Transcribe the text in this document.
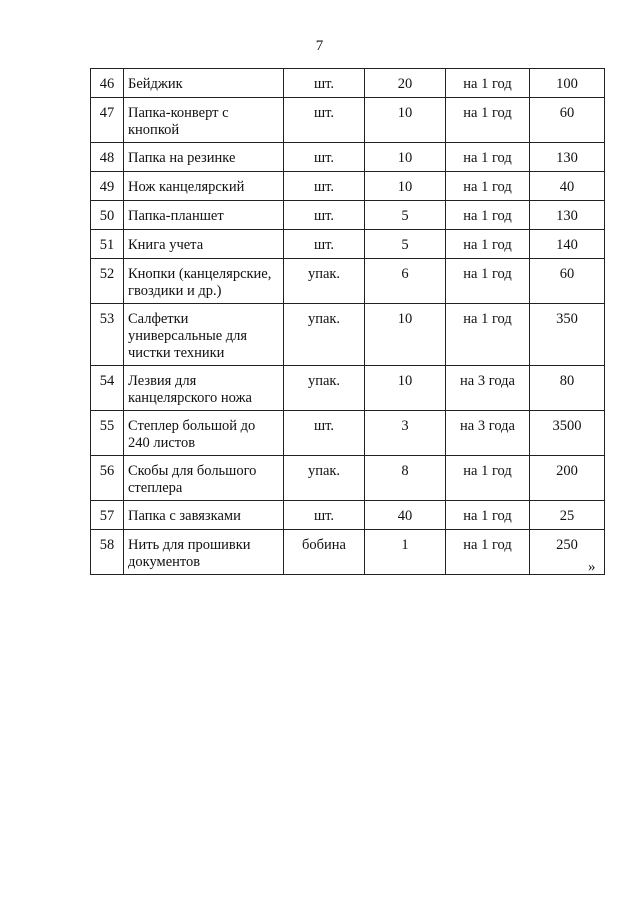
7
46	Бейджик	шт.	20	на 1 год	100
47	Папка-конверт с кнопкой	шт.	10	на 1 год	60
48	Папка на резинке	шт.	10	на 1 год	130
49	Нож канцелярский	шт.	10	на 1 год	40
50	Папка-планшет	шт.	5	на 1 год	130
51	Книга учета	шт.	5	на 1 год	140
52	Кнопки (канцелярские, гвоздики и др.)	упак.	6	на 1 год	60
53	Салфетки универсальные для чистки техники	упак.	10	на 1 год	350
54	Лезвия для канцелярского ножа	упак.	10	на 3 года	80
55	Степлер большой до 240 листов	шт.	3	на 3 года	3500
56	Скобы для большого степлера	упак.	8	на 1 год	200
57	Папка с завязками	шт.	40	на 1 год	25
58	Нить для прошивки документов	бобина	1	на 1 год	250
»
